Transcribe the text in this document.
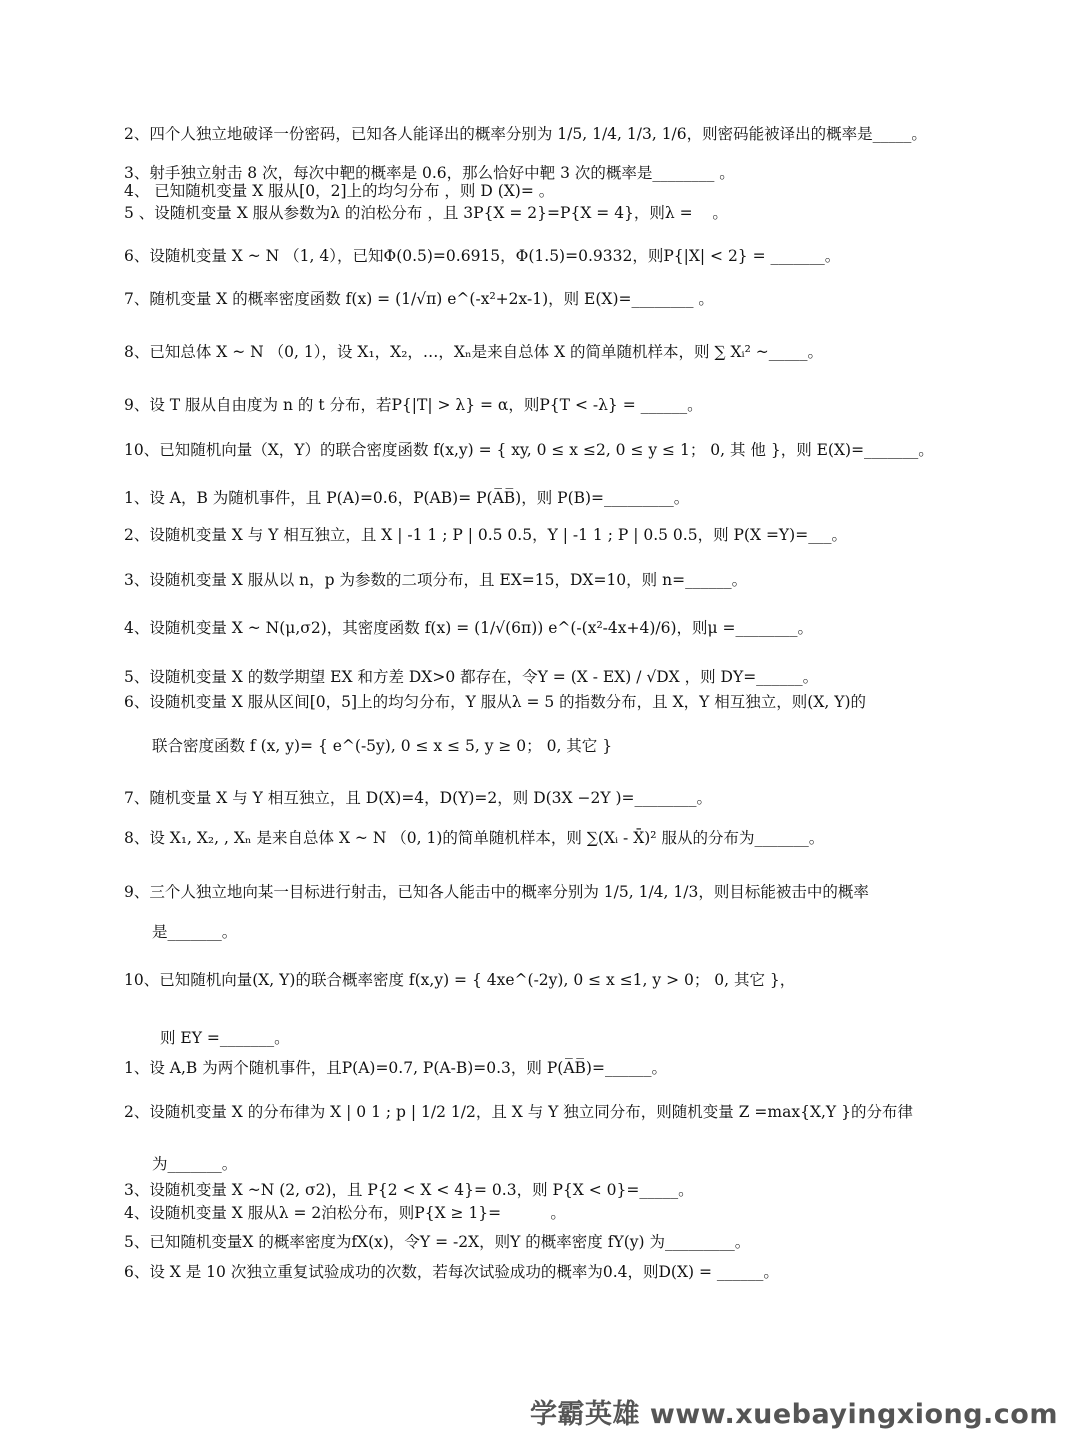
2、四个人独立地破译一份密码，已知各人能译出的概率分别为 1/5, 1/4, 1/3, 1/6，则密码能被译出的概率是_____。
3、射手独立射击 8 次，每次中靶的概率是 0.6，那么恰好中靶 3 次的概率是________ 。
4、 已知随机变量 X 服从[0，2]上的均匀分布 ，则 D (X)= 。
5 、设随机变量 X 服从参数为λ 的泊松分布 ，且 3P{X = 2}=P{X = 4}，则λ =    。
6、设随机变量 X ~ N （1, 4），已知Φ(0.5)=0.6915，Φ(1.5)=0.9332，则P{|X| < 2} = _______。
7、随机变量 X 的概率密度函数 f(x) = (1/√π) e^(-x²+2x-1)，则 E(X)=________ 。
8、已知总体 X ~ N （0, 1），设 X₁，X₂，…，Xₙ是来自总体 X 的简单随机样本，则 ∑ Xᵢ² ~_____。
9、设 T 服从自由度为 n 的 t 分布，若P{|T| > λ} = α，则P{T < -λ} = ______。
10、已知随机向量（X，Y）的联合密度函数 f(x,y) = { xy, 0 ≤ x ≤2, 0 ≤ y ≤ 1； 0, 其 他 }，则 E(X)=_______。
1、设 A，B 为随机事件，且 P(A)=0.6，P(AB)= P(A̅B̅)，则 P(B)=_________。
2、设随机变量 X 与 Y 相互独立，且 X | -1 1 ; P | 0.5 0.5，Y | -1 1 ; P | 0.5 0.5，则 P(X =Y)=___。
3、设随机变量 X 服从以 n，p 为参数的二项分布，且 EX=15，DX=10，则 n=______。
4、设随机变量 X ~ N(μ,σ2)，其密度函数 f(x) = (1/√(6π)) e^(-(x²-4x+4)/6)，则μ =________。
5、设随机变量 X 的数学期望 EX 和方差 DX>0 都存在，令Y = (X - EX) / √DX ，则 DY=______。
6、设随机变量 X 服从区间[0，5]上的均匀分布，Y 服从λ = 5 的指数分布，且 X，Y 相互独立，则(X, Y)的
联合密度函数 f (x, y)= { e^(-5y), 0 ≤ x ≤ 5, y ≥ 0； 0, 其它 }
7、随机变量 X 与 Y 相互独立，且 D(X)=4，D(Y)=2，则 D(3X −2Y )=________。
8、设 X₁, X₂, , Xₙ 是来自总体 X ~ N （0, 1)的简单随机样本，则 ∑(Xᵢ - X̄)² 服从的分布为_______。
9、三个人独立地向某一目标进行射击，已知各人能击中的概率分别为 1/5, 1/4, 1/3，则目标能被击中的概率
是_______。
10、已知随机向量(X, Y)的联合概率密度 f(x,y) = { 4xe^(-2y), 0 ≤ x ≤1, y > 0； 0, 其它 }，
则 EY =_______。
1、设 A,B 为两个随机事件，且P(A)=0.7, P(A-B)=0.3，则 P(A̅B̅)=______。
2、设随机变量 X 的分布律为 X | 0 1 ; p | 1/2 1/2，且 X 与 Y 独立同分布，则随机变量 Z =max{X,Y }的分布律
为_______。
3、设随机变量 X ~N (2, σ2)，且 P{2 < X < 4}= 0.3，则 P{X < 0}=_____。
4、设随机变量 X 服从λ = 2泊松分布，则P{X ≥ 1}=          。
5、已知随机变量X 的概率密度为fX(x)，令Y = -2X，则Y 的概率密度 fY(y) 为_________。
6、设 X 是 10 次独立重复试验成功的次数，若每次试验成功的概率为0.4，则D(X) = ______。
学霸英雄 www.xuebayingxiong.com
